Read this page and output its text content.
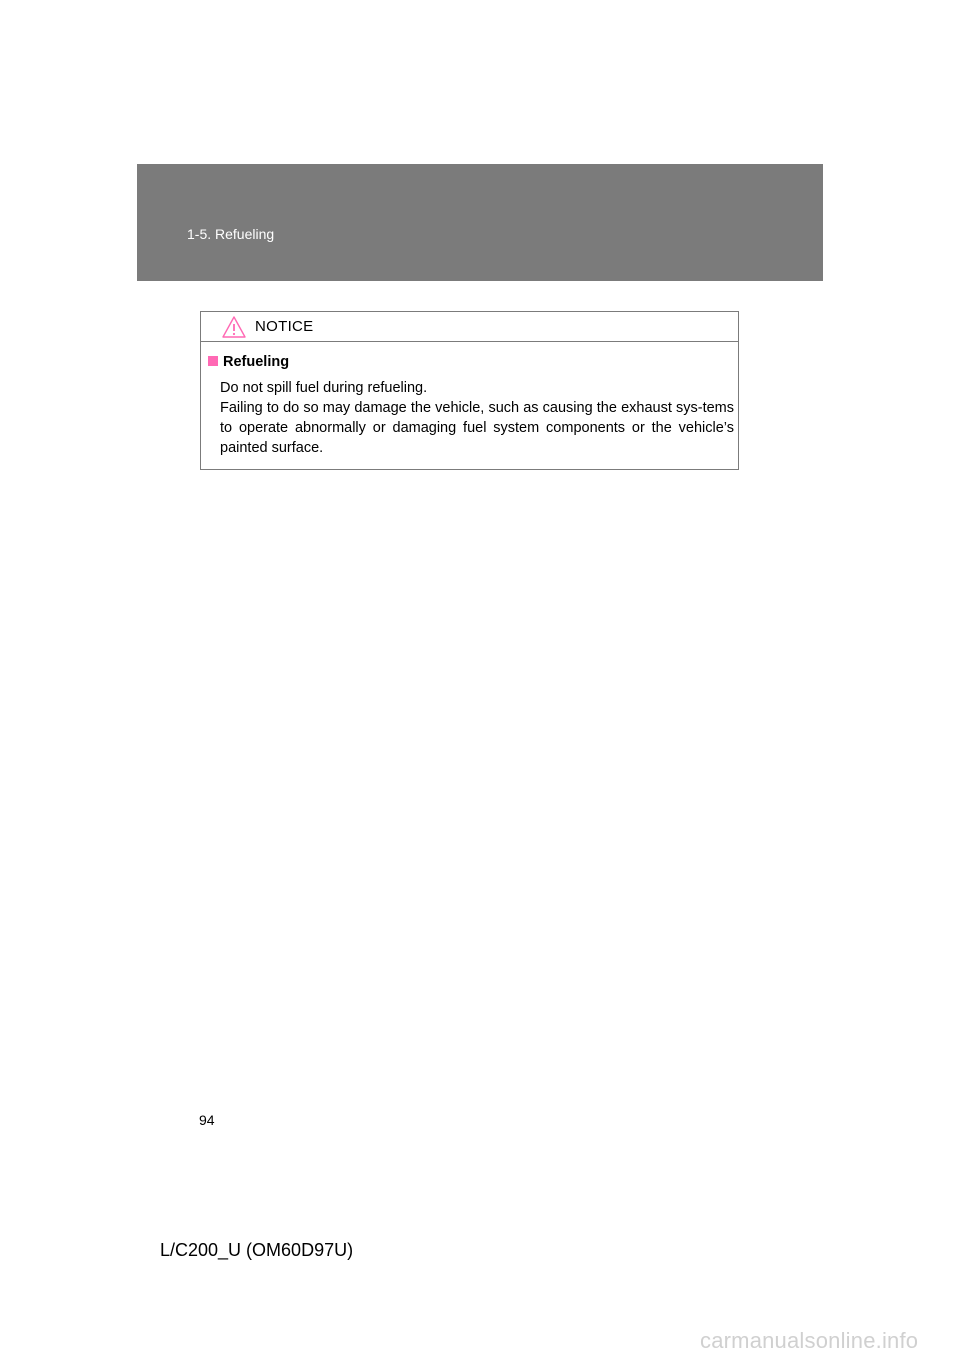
1-5. Refueling
NOTICE
Refueling

Do not spill fuel during refueling.

Failing to do so may damage the vehicle, such as causing the exhaust sys-tems to operate abnormally or damaging fuel system components or the vehicle’s painted surface.

94
L/C200_U (OM60D97U)
carmanualsonline.info
